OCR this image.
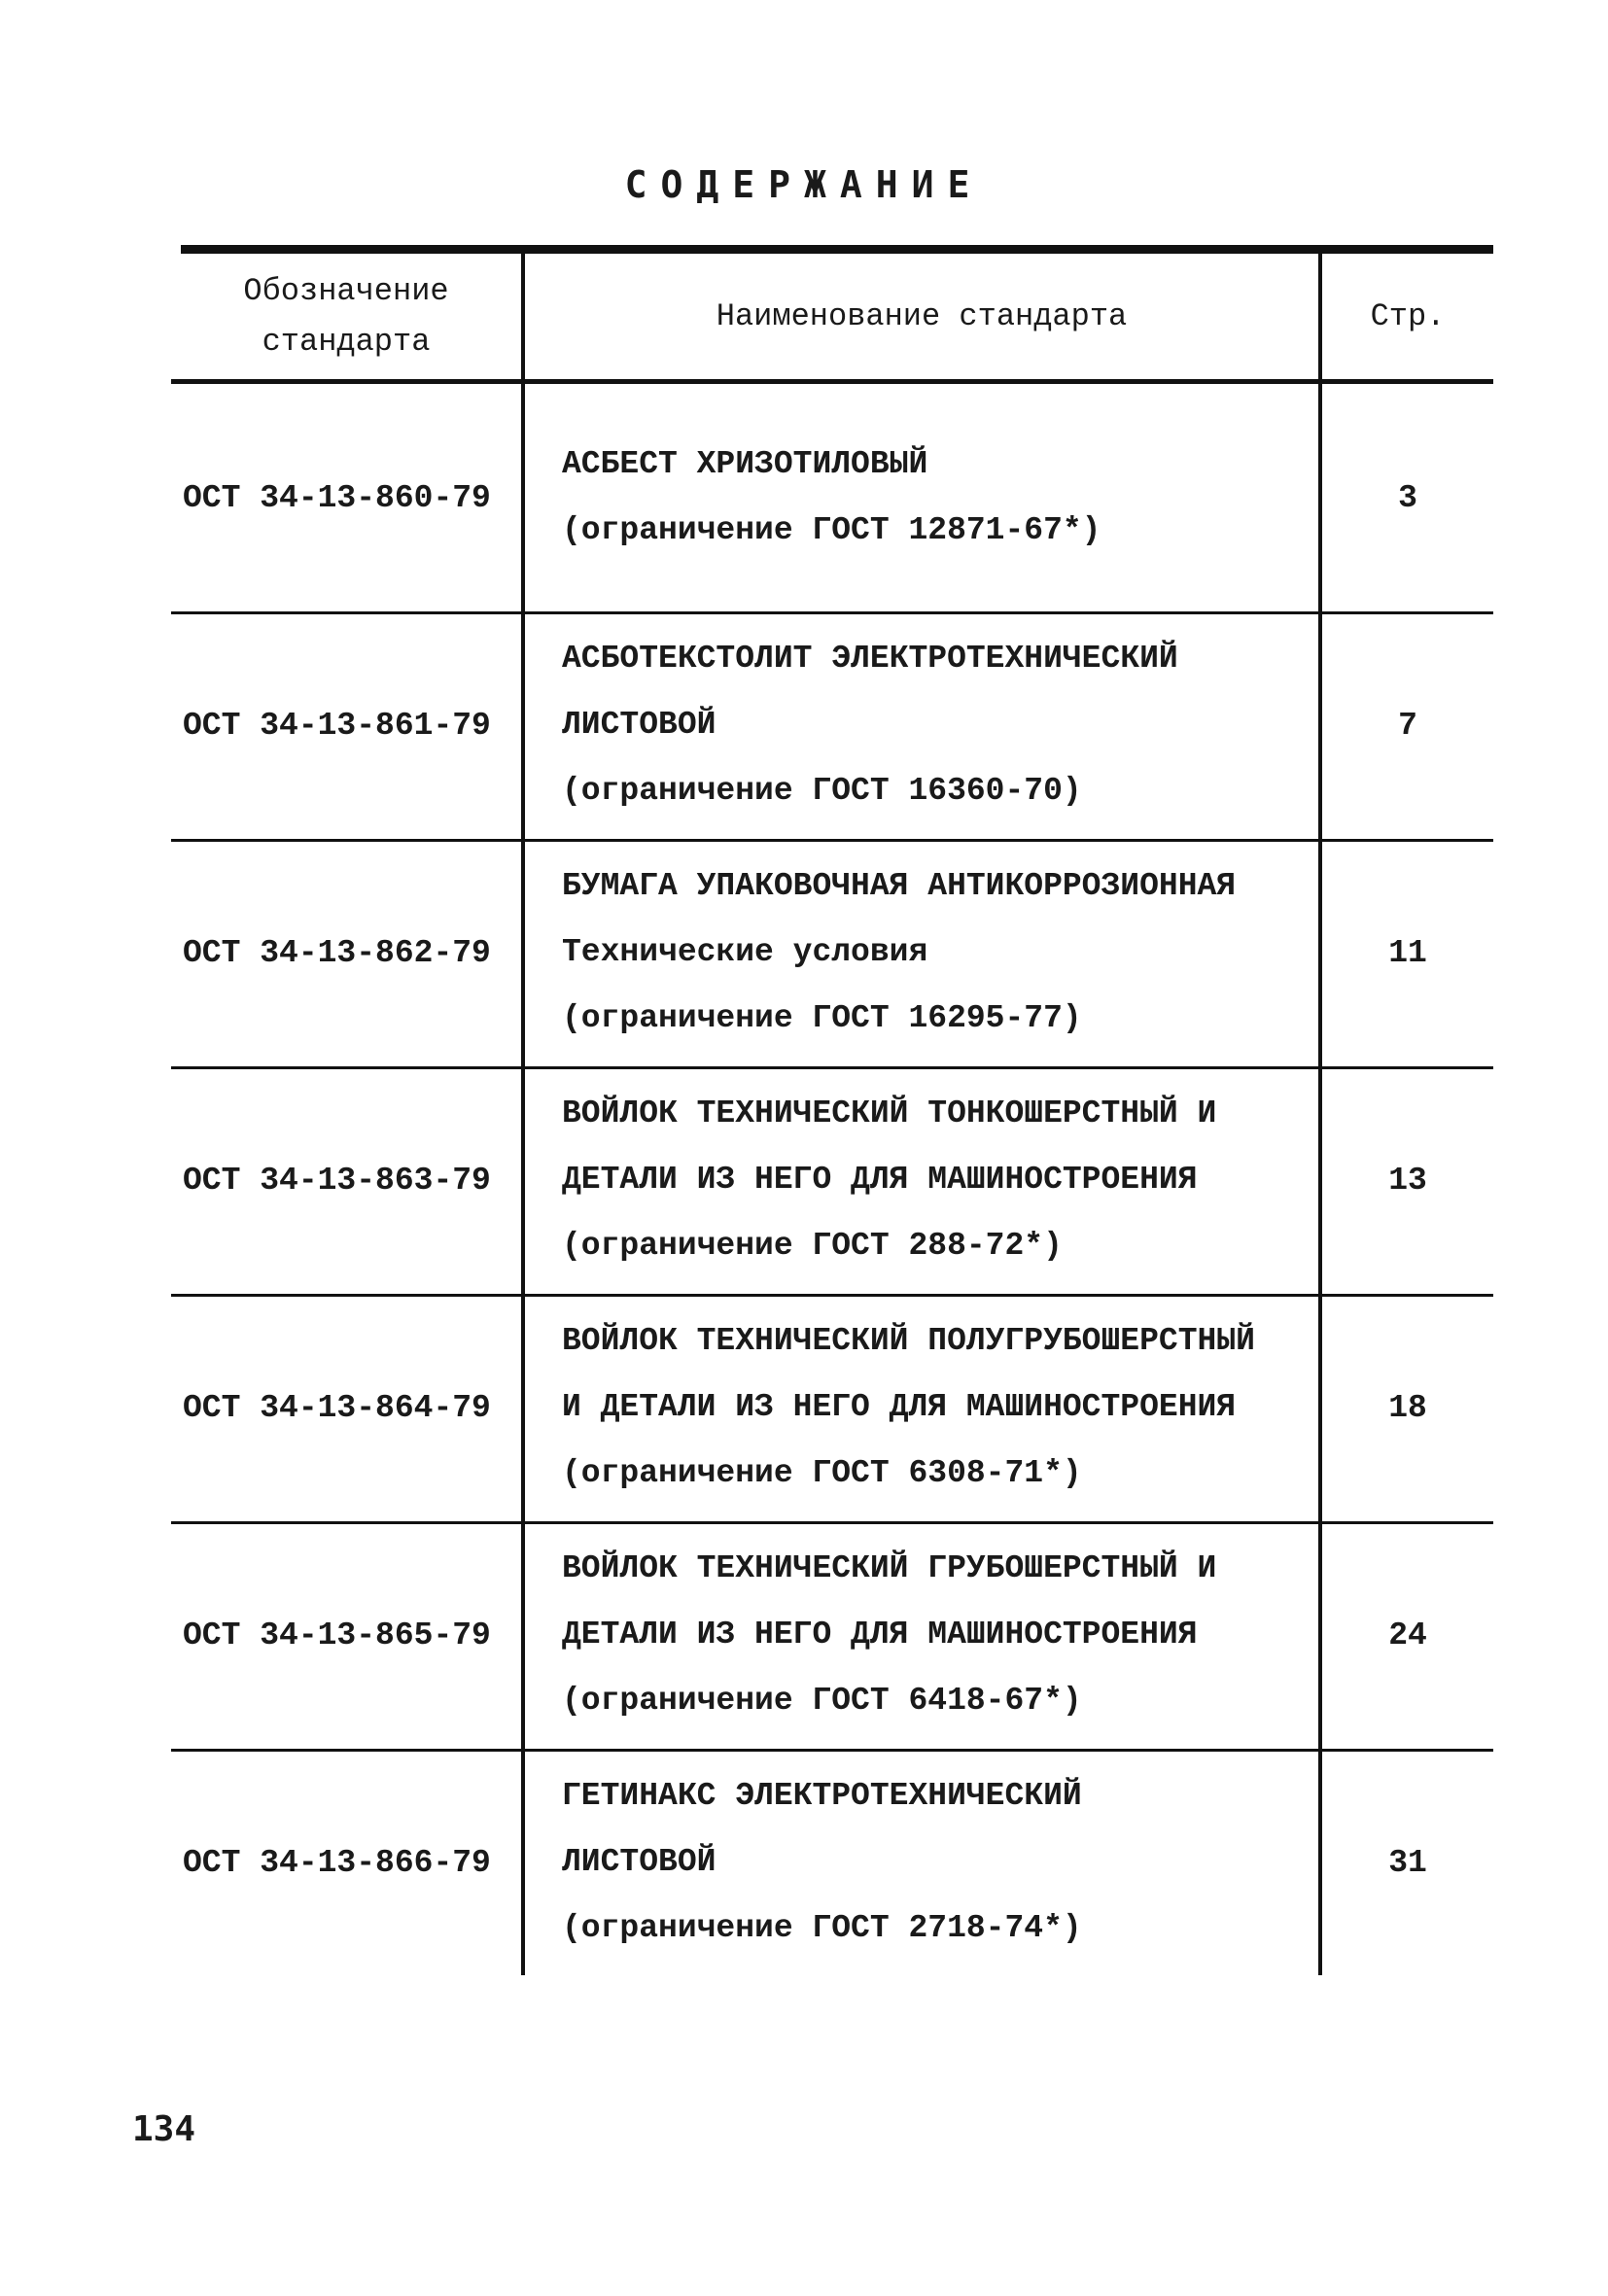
СОДЕРЖАНИЕ
Обозначение
стандарта
Наименование стандарта	Стр.
ОСТ 34-13-860-79
АСБЕСТ ХРИЗОТИЛОВЫЙ
(ограничение ГОСТ 12871-67*)
3
ОСТ 34-13-861-79
АСБОТЕКСТОЛИТ ЭЛЕКТРОТЕХНИЧЕСКИЙ
ЛИСТОВОЙ
(ограничение ГОСТ 16360-70)
7
ОСТ 34-13-862-79
БУМАГА УПАКОВОЧНАЯ АНТИКОРРОЗИОННАЯ
Технические условия
(ограничение ГОСТ 16295-77)
11
ОСТ 34-13-863-79
ВОЙЛОК ТЕХНИЧЕСКИЙ ТОНКОШЕРСТНЫЙ И
ДЕТАЛИ ИЗ НЕГО ДЛЯ МАШИНОСТРОЕНИЯ
(ограничение ГОСТ 288-72*)
13
ОСТ 34-13-864-79
ВОЙЛОК ТЕХНИЧЕСКИЙ ПОЛУГРУБОШЕРСТНЫЙ
И ДЕТАЛИ ИЗ НЕГО ДЛЯ МАШИНОСТРОЕНИЯ
(ограничение ГОСТ 6308-71*)
18
ОСТ 34-13-865-79
ВОЙЛОК ТЕХНИЧЕСКИЙ ГРУБОШЕРСТНЫЙ И
ДЕТАЛИ ИЗ НЕГО ДЛЯ МАШИНОСТРОЕНИЯ
(ограничение ГОСТ 6418-67*)
24
ОСТ 34-13-866-79
ГЕТИНАКС ЭЛЕКТРОТЕХНИЧЕСКИЙ
ЛИСТОВОЙ
(ограничение ГОСТ 2718-74*)
31
134
